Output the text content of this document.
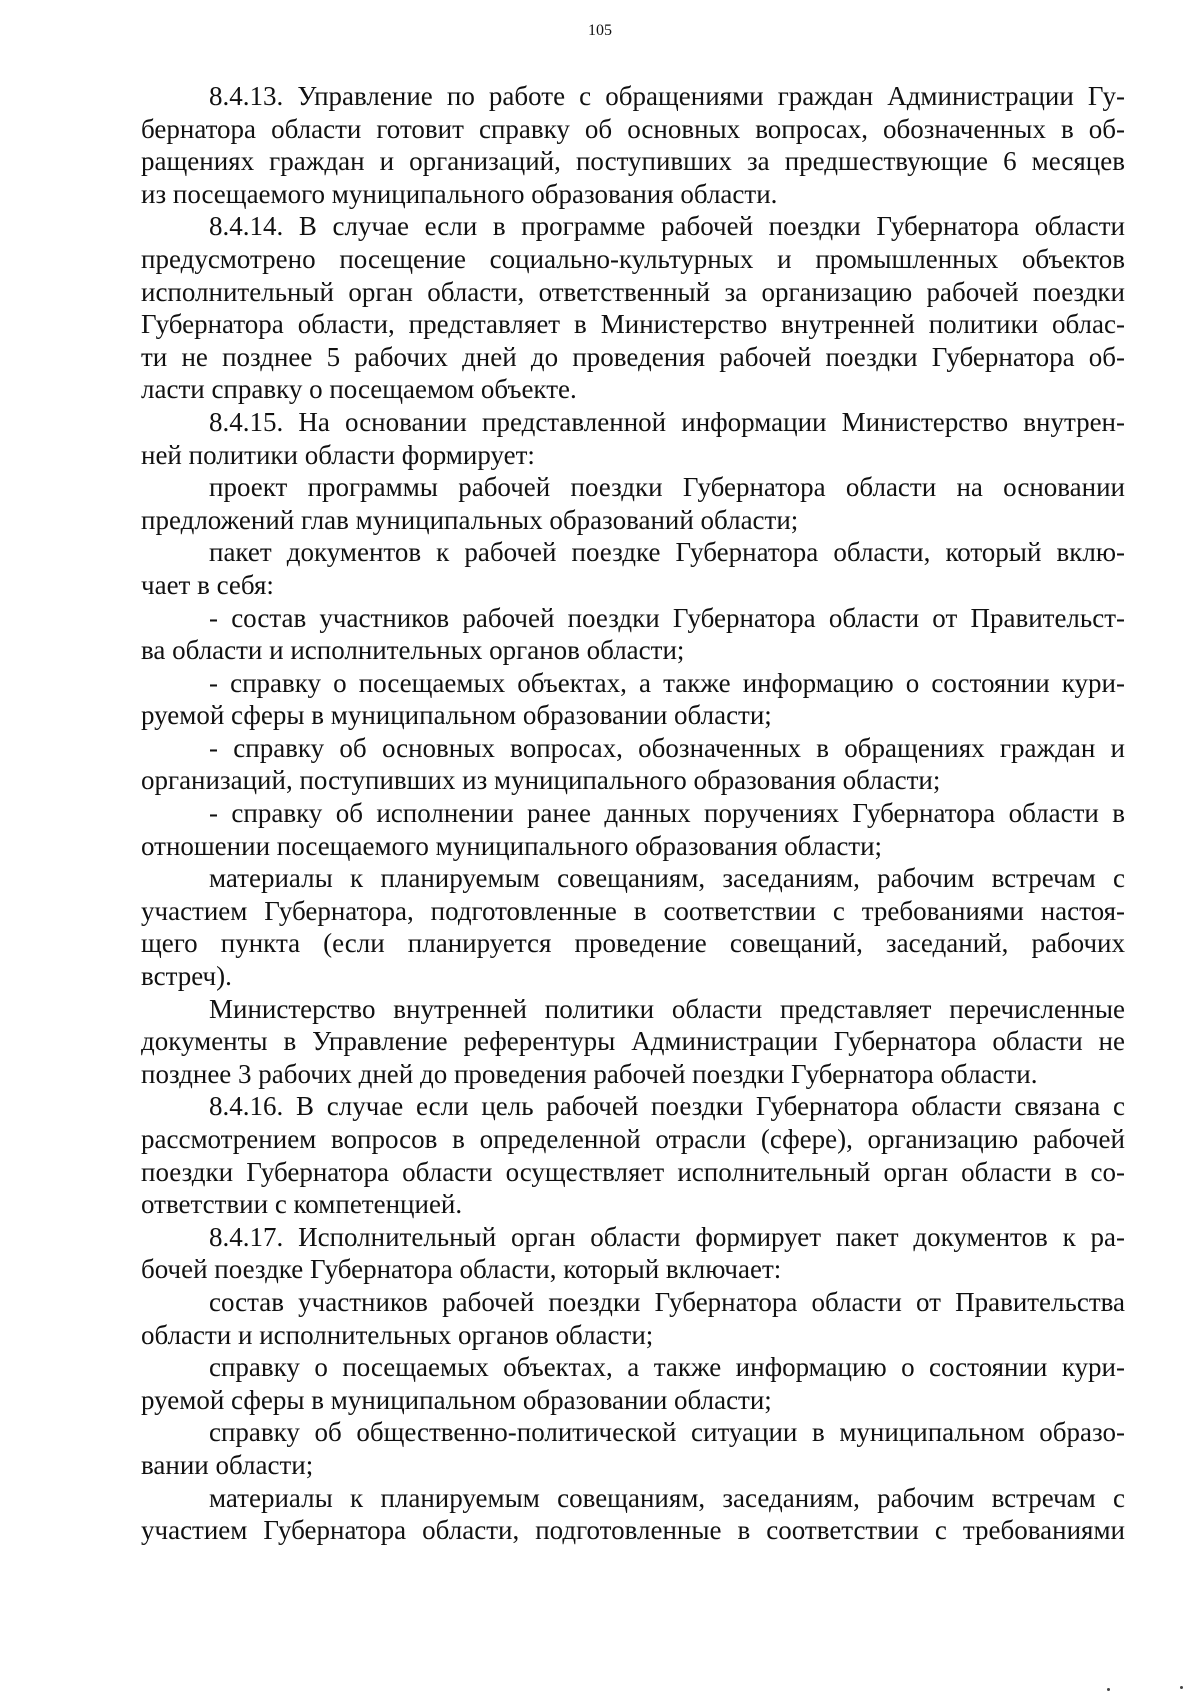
105

8.4.13. Управление по работе с обращениями граждан Администрации Гу-
бернатора области готовит справку об основных вопросах, обозначенных в об-
ращениях граждан и организаций, поступивших за предшествующие 6 месяцев
из посещаемого муниципального образования области.

8.4.14. В случае если в программе рабочей поездки Губернатора области
предусмотрено посещение социально-культурных и промышленных объектов
исполнительный орган области, ответственный за организацию рабочей поездки
Губернатора области, представляет в Министерство внутренней политики облас-
ти не позднее 5 рабочих дней до проведения рабочей поездки Губернатора об-
ласти справку о посещаемом объекте.

8.4.15. На основании представленной информации Министерство внутрен-
ней политики области формирует:

проект программы рабочей поездки Губернатора области на основании
предложений глав муниципальных образований области;

пакет документов к рабочей поездке Губернатора области, который вклю-
чает в себя:

- состав участников рабочей поездки Губернатора области от Правительст-
ва области и исполнительных органов области;

- справку о посещаемых объектах, а также информацию о состоянии кури-
руемой сферы в муниципальном образовании области;

- справку об основных вопросах, обозначенных в обращениях граждан и
организаций, поступивших из муниципального образования области;

- справку об исполнении ранее данных поручениях Губернатора области в
отношении посещаемого муниципального образования области;

материалы к планируемым совещаниям, заседаниям, рабочим встречам с
участием Губернатора, подготовленные в соответствии с требованиями настоя-
щего пункта (если планируется проведение совещаний, заседаний, рабочих
встреч).

Министерство внутренней политики области представляет перечисленные
документы в Управление референтуры Администрации Губернатора области не
позднее 3 рабочих дней до проведения рабочей поездки Губернатора области.

8.4.16. В случае если цель рабочей поездки Губернатора области связана с
рассмотрением вопросов в определенной отрасли (сфере), организацию рабочей
поездки Губернатора области осуществляет исполнительный орган области в со-
ответствии с компетенцией.

8.4.17. Исполнительный орган области формирует пакет документов к ра-
бочей поездке Губернатора области, который включает:

состав участников рабочей поездки Губернатора области от Правительства
области и исполнительных органов области;

справку о посещаемых объектах, а также информацию о состоянии кури-
руемой сферы в муниципальном образовании области;

справку об общественно-политической ситуации в муниципальном образо-
вании области;

материалы к планируемым совещаниям, заседаниям, рабочим встречам с
участием Губернатора области, подготовленные в соответствии с требованиями
